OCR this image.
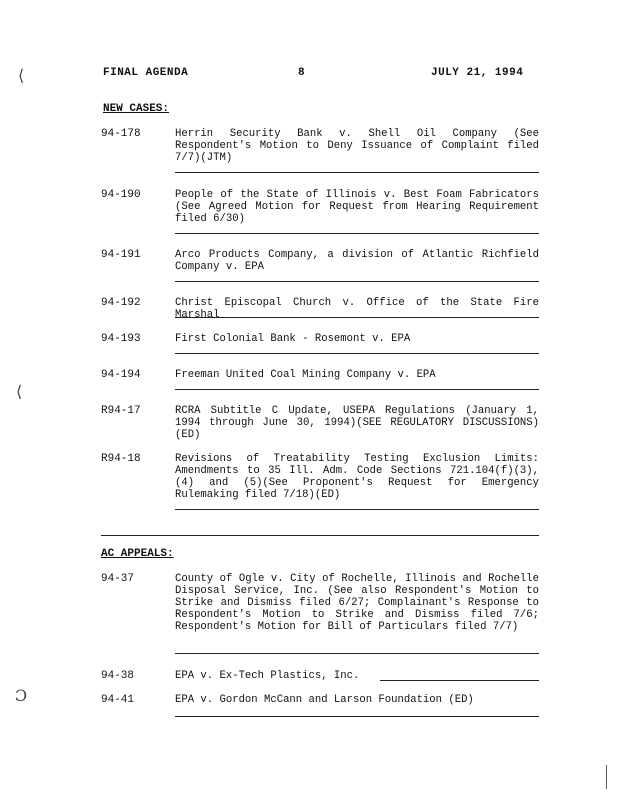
FINAL AGENDA	8	JULY 21, 1994
⟨
⟨
Ɔ
NEW CASES:
94-178	Herrin Security Bank v. Shell Oil Company (See Respondent's Motion to Deny Issuance of Complaint filed 7/7)(JTM)
94-190	People of the State of Illinois v. Best Foam Fabricators (See Agreed Motion for Request from Hearing Requirement filed 6/30)
94-191	Arco Products Company, a division of Atlantic Richfield Company v. EPA
94-192	Christ Episcopal Church v. Office of the State Fire Marshal
94-193	First Colonial Bank - Rosemont v. EPA
94-194	Freeman United Coal Mining Company v. EPA
R94-17	RCRA Subtitle C Update, USEPA Regulations (January 1, 1994 through June 30, 1994)(SEE REGULATORY DISCUSSIONS)(ED)
R94-18	Revisions of Treatability Testing Exclusion Limits: Amendments to 35 Ill. Adm. Code Sections 721.104(f)(3), (4) and (5)(See Proponent's Request for Emergency Rulemaking filed 7/18)(ED)
AC APPEALS:
94-37	County of Ogle v. City of Rochelle, Illinois and Rochelle Disposal Service, Inc. (See also Respondent's Motion to Strike and Dismiss filed 6/27; Complainant's Response to Respondent's Motion to Strike and Dismiss filed 7/6; Respondent's Motion for Bill of Particulars filed 7/7)
94-38	EPA v. Ex-Tech Plastics, Inc.
94-41	EPA v. Gordon McCann and Larson Foundation (ED)
